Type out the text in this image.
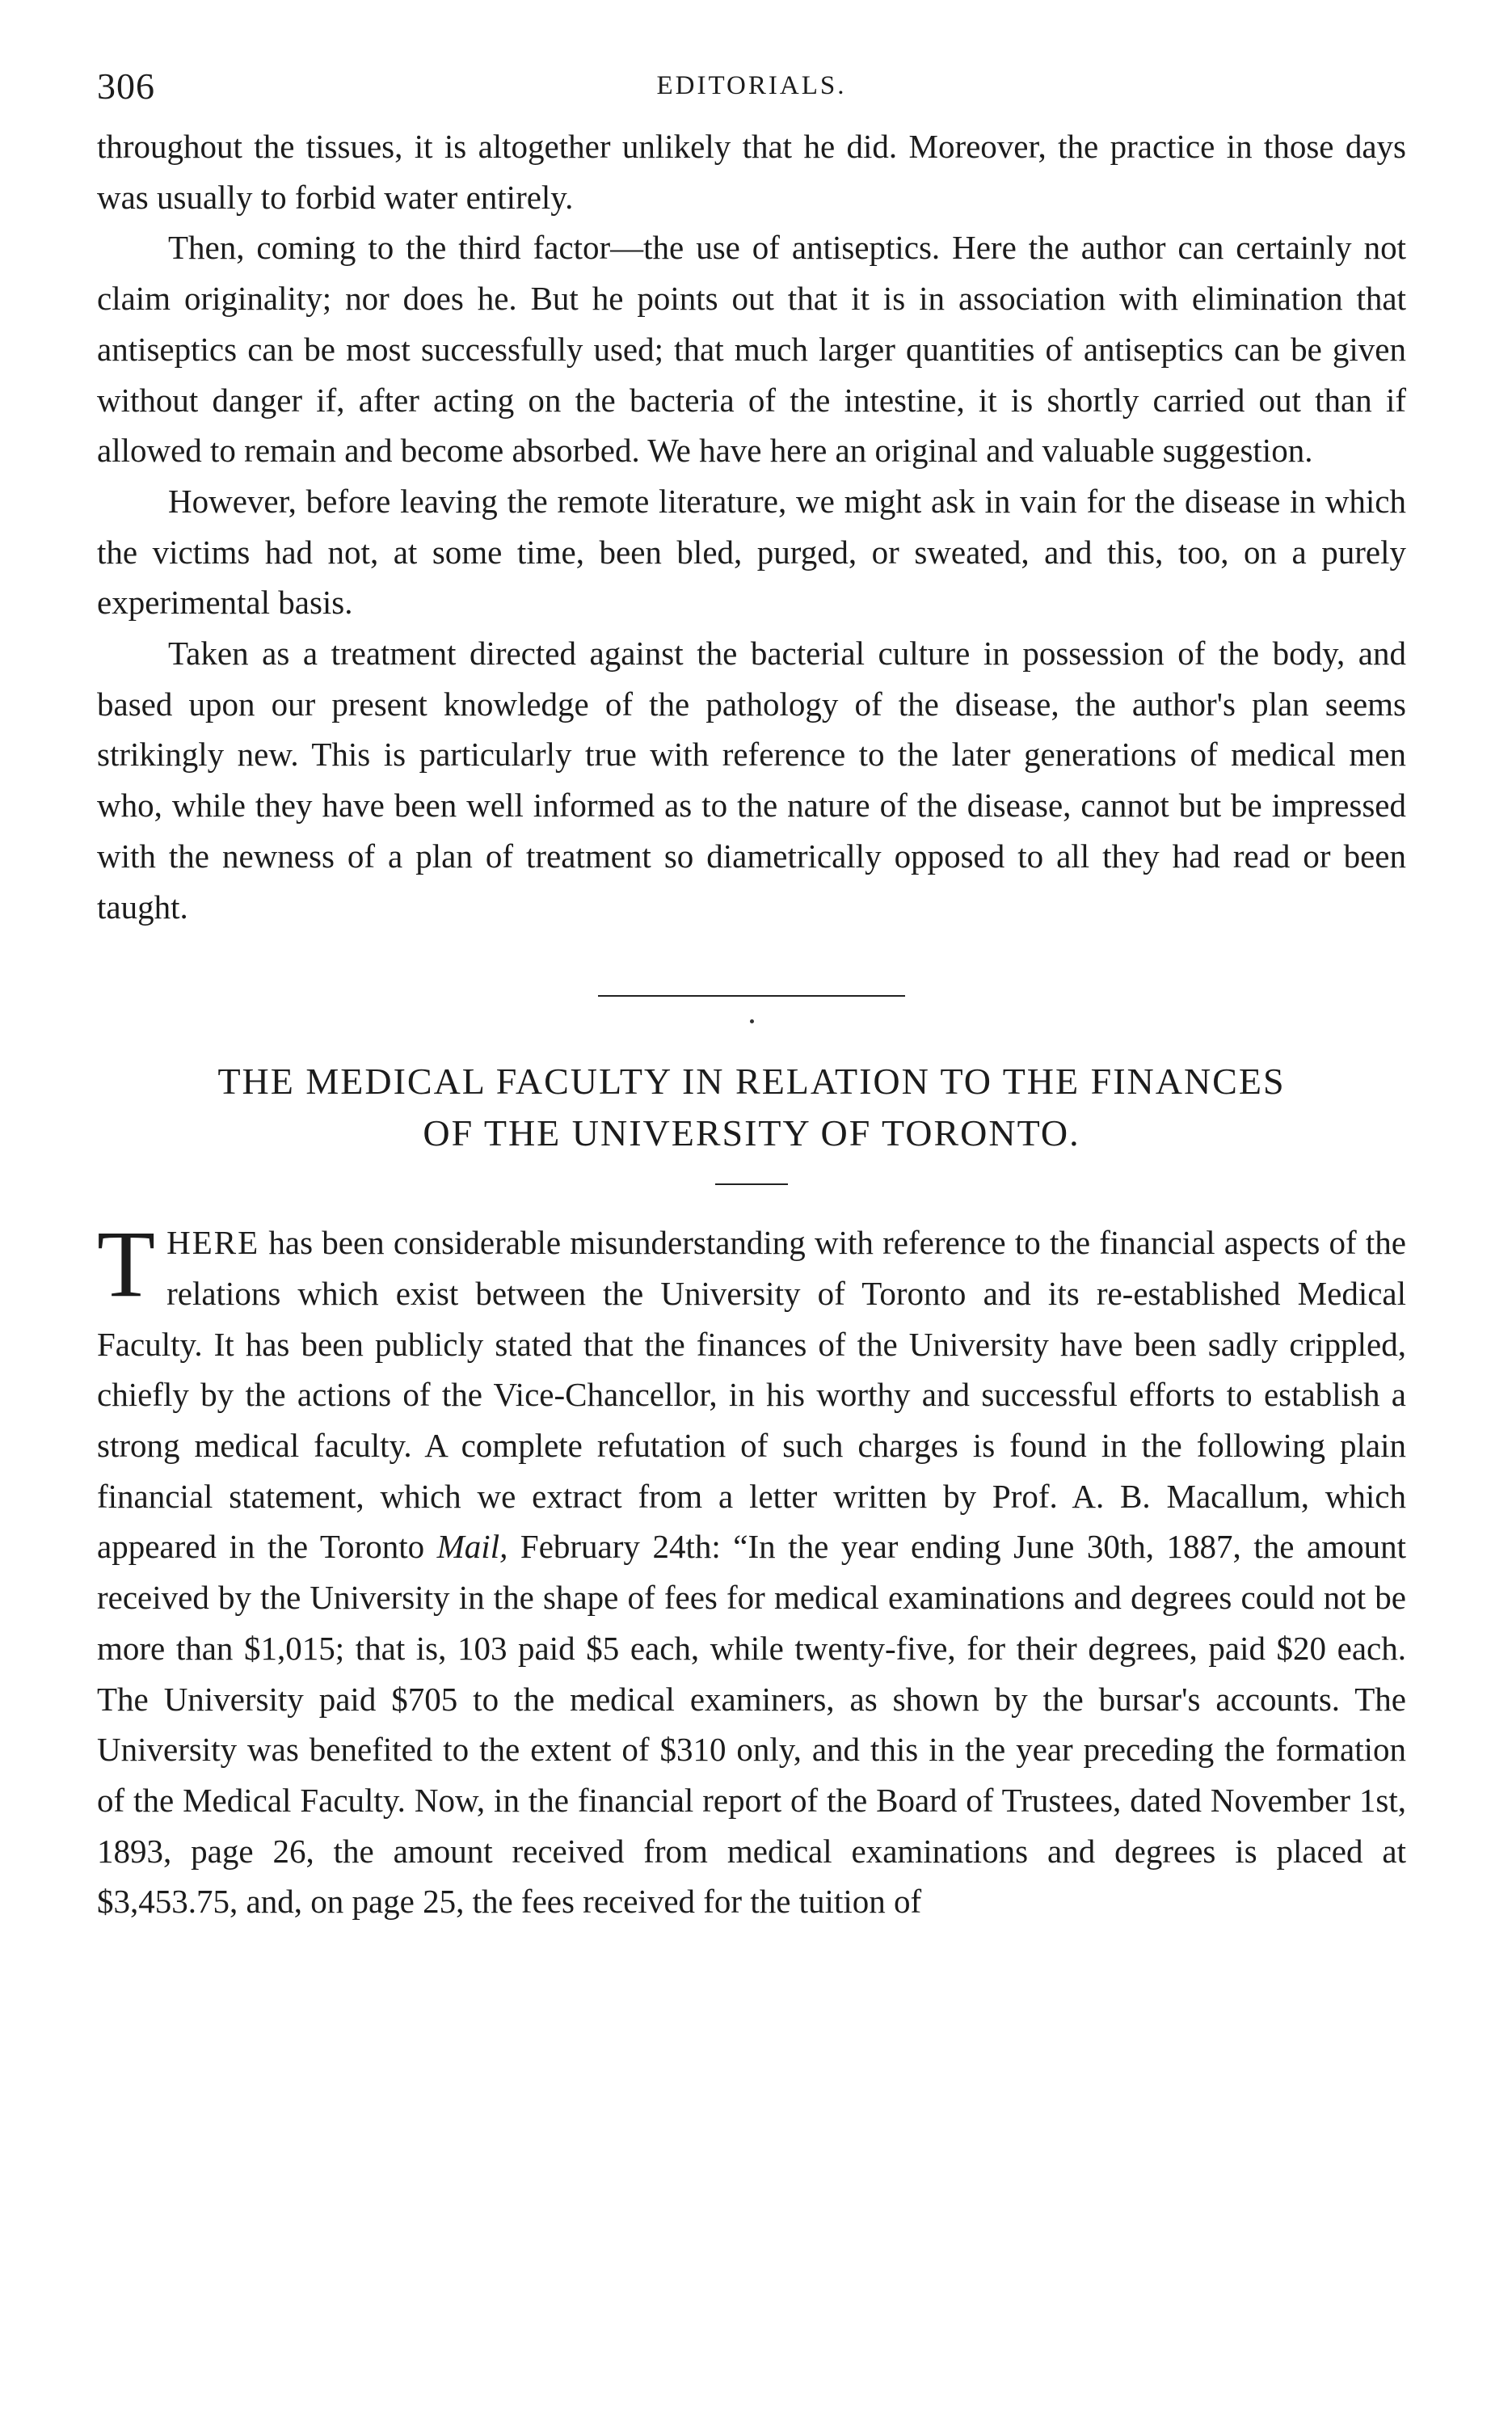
306	EDITORIALS.

throughout the tissues, it is altogether unlikely that he did. Moreover, the practice in those days was usually to forbid water entirely.

Then, coming to the third factor—the use of antiseptics. Here the author can certainly not claim originality; nor does he. But he points out that it is in association with elimination that antiseptics can be most successfully used; that much larger quantities of antiseptics can be given without danger if, after acting on the bacteria of the intestine, it is shortly carried out than if allowed to remain and become absorbed. We have here an original and valuable suggestion.

However, before leaving the remote literature, we might ask in vain for the disease in which the victims had not, at some time, been bled, purged, or sweated, and this, too, on a purely experimental basis.

Taken as a treatment directed against the bacterial culture in possession of the body, and based upon our present knowledge of the pathology of the disease, the author's plan seems strikingly new. This is particularly true with reference to the later generations of medical men who, while they have been well informed as to the nature of the disease, cannot but be impressed with the newness of a plan of treatment so diametrically opposed to all they had read or been taught.

THE MEDICAL FACULTY IN RELATION TO THE FINANCES
OF THE UNIVERSITY OF TORONTO.

THERE has been considerable misunderstanding with reference to the financial aspects of the relations which exist between the University of Toronto and its re-established Medical Faculty. It has been publicly stated that the finances of the University have been sadly crippled, chiefly by the actions of the Vice-Chancellor, in his worthy and successful efforts to establish a strong medical faculty. A complete refutation of such charges is found in the following plain financial statement, which we extract from a letter written by Prof. A. B. Macallum, which appeared in the Toronto Mail, February 24th: “In the year ending June 30th, 1887, the amount received by the University in the shape of fees for medical examinations and degrees could not be more than $1,015; that is, 103 paid $5 each, while twenty-five, for their degrees, paid $20 each. The University paid $705 to the medical examiners, as shown by the bursar's accounts. The University was benefited to the extent of $310 only, and this in the year preceding the formation of the Medical Faculty. Now, in the financial report of the Board of Trustees, dated November 1st, 1893, page 26, the amount received from medical examinations and degrees is placed at $3,453.75, and, on page 25, the fees received for the tuition of
